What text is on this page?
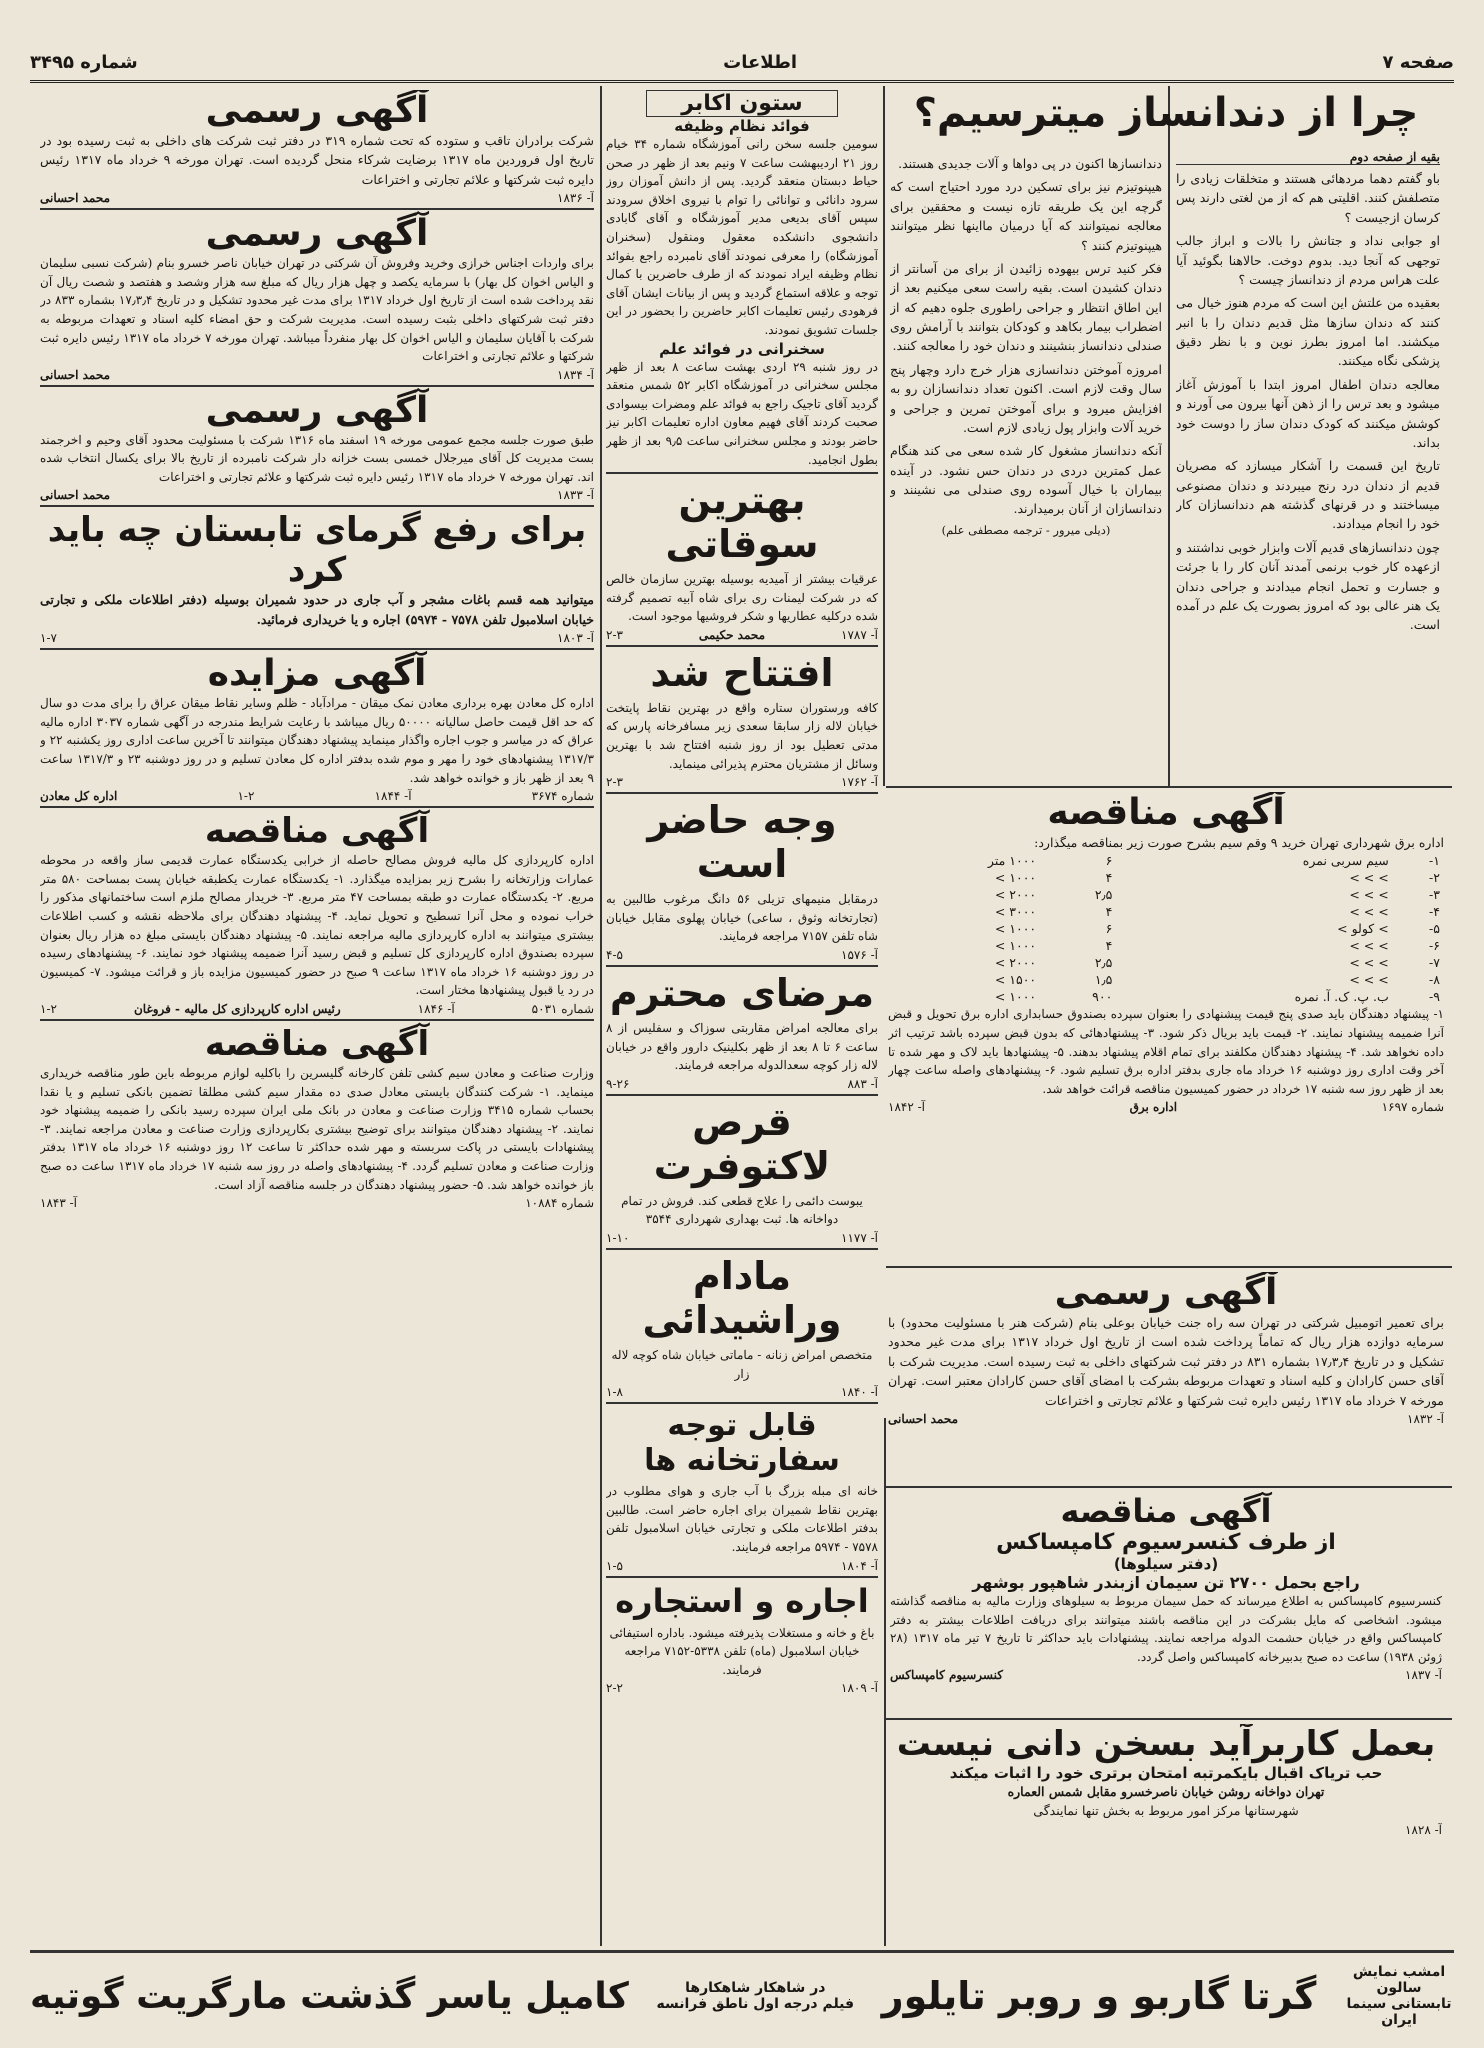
صفحه ۷
اطلاعات
شماره ۳۴۹۵
بقیه از صفحه دوم

باو گفتم دهما مردهائی هستند و متخلقات زیادی را متصلفش کنند. اقلیتی هم که از من لغتی دارند پس کرسان ازجیست ؟

او جوابی نداد و جتانش را بالات و ابراز جالب توجهی که آنجا دید. بدوم دوخت. حالاهنا بگوئید آیا علت هراس مردم از دندانساز چیست ؟

بعقیده من علتش این است که مردم هنوز خیال می کنند که دندان سازها مثل قدیم دندان را با انبر میکشند. اما امروز بطرز نوین و با نظر دقیق پزشکی نگاه میکنند.

معالجه دندان اطفال امروز ابتدا با آموزش آغاز میشود و بعد ترس را از ذهن آنها بیرون می آورند و کوشش میکنند که کودک دندان ساز را دوست خود بداند.

تاریخ این قسمت را آشکار میسازد که مصریان قدیم از دندان درد رنج میبردند و دندان مصنوعی میساختند و در قرنهای گذشته هم دندانسازان کار خود را انجام میدادند.

چون دندانسازهای قدیم آلات وابزار خوبی نداشتند و ازعهده کار خوب برنمی آمدند آنان کار را با جرئت و جسارت و تحمل انجام میدادند و جراحی دندان یک هنر عالی بود که امروز بصورت یک علم در آمده است.

چرا از دندانساز میترسیم؟

دندانسازها اکنون در پی دواها و آلات جدیدی هستند.

هیپنوتیزم نیز برای تسکین درد مورد احتیاج است که گرچه این یک طریقه تازه نیست و محققین برای معالجه نمیتوانند که آیا درمیان مااینها نظر میتوانند هیپنوتیزم کنند ؟

فکر کنید ترس بیهوده زائیدن از برای من آسانتر از دندان کشیدن است. بقیه راست سعی میکنیم بعد از این اطاق انتظار و جراحی راطوری جلوه دهیم که از اضطراب بیمار بکاهد و کودکان بتوانند با آرامش روی صندلی دندانساز بنشینند و دندان خود را معالجه کنند.

امروزه آموختن دندانسازی هزار خرج دارد وچهار پنج سال وقت لازم است. اکنون تعداد دندانسازان رو به افزایش میرود و برای آموختن تمرین و جراحی و خرید آلات وابزار پول زیادی لازم است.

آنکه دندانساز مشغول کار شده سعی می کند هنگام عمل کمترین دردی در دندان حس نشود. در آینده بیماران با خیال آسوده روی صندلی می نشینند و دندانسازان از آنان برمیدارند.

(دیلی میرور - ترجمه مصطفی علم)
آگهی مناقصه
اداره برق شهرداری تهران خرید ۹ وقم سیم بشرح صورت زیر بمناقصه میگذارد:
۱-	سیم سربی نمره	۶	۱۰۰۰ متر
۲-	> > >	۴	۱۰۰۰ >
۳-	> > >	۲٫۵	۲۰۰۰ >
۴-	> > >	۴	۳۰۰۰ >
۵-	> کولو >	۶	۱۰۰۰ >
۶-	> > >	۴	۱۰۰۰ >
۷-	> > >	۲٫۵	۲۰۰۰ >
۸-	> > >	۱٫۵	۱۵۰۰ >
۹-	ب. پ. ک. آ. نمره	۹۰۰	۱۰۰۰ >
۱- پیشنهاد دهندگان باید صدی پنج قیمت پیشنهادی را بعنوان سپرده بصندوق حسابداری اداره برق تحویل و قبض آنرا ضمیمه پیشنهاد نمایند. ۲- قیمت باید بریال ذکر شود. ۳- پیشنهادهائی که بدون قبض سپرده باشد ترتیب اثر داده نخواهد شد. ۴- پیشنهاد دهندگان مکلفند برای تمام اقلام پیشنهاد بدهند. ۵- پیشنهادها باید لاک و مهر شده تا آخر وقت اداری روز دوشنبه ۱۶ خرداد ماه جاری بدفتر اداره برق تسلیم شود. ۶- پیشنهادهای واصله ساعت چهار بعد از ظهر روز سه شنبه ۱۷ خرداد در حضور کمیسیون مناقصه قرائت خواهد شد.
شماره ۱۶۹۷
اداره برق
آ- ۱۸۴۲
آگهی رسمی
برای تعمیر اتومبیل شرکتی در تهران سه راه جنت خیابان بوعلی بنام (شرکت هنر با مسئولیت محدود) با سرمایه دوازده هزار ریال که تماماً پرداخت شده است از تاریخ اول خرداد ۱۳۱۷ برای مدت غیر محدود تشکیل و در تاریخ ۱۷٫۳٫۴ بشماره ۸۳۱ در دفتر ثبت شرکتهای داخلی به ثبت رسیده است. مدیریت شرکت با آقای حسن کارادان و کلیه اسناد و تعهدات مربوطه بشرکت با امضای آقای حسن کارادان معتبر است. تهران مورخه ۷ خرداد ماه ۱۳۱۷ رئیس دایره ثبت شرکتها و علائم تجارتی و اختراعات
آ- ۱۸۳۲
محمد احسانی
آگهی مناقصه
از طرف کنسرسیوم کامپساکس
(دفتر سیلوها)
راجع بحمل ۲۷۰۰ تن سیمان ازبندر شاهپور بوشهر
کنسرسیوم کامپساکس به اطلاع میرساند که حمل سیمان مربوط به سیلوهای وزارت مالیه به مناقصه گذاشته میشود. اشخاصی که مایل بشرکت در این مناقصه باشند میتوانند برای دریافت اطلاعات بیشتر به دفتر کامپساکس واقع در خیابان حشمت الدوله مراجعه نمایند. پیشنهادات باید حداکثر تا تاریخ ۷ تیر ماه ۱۳۱۷ (۲۸ ژوئن ۱۹۳۸) ساعت ده صبح بدبیرخانه کامپساکس واصل گردد.
آ- ۱۸۳۷
کنسرسیوم کامپساکس
بعمل کاربرآید بسخن دانی نیست
حب تریاک اقبال بایکمرتبه امتحان برتری خود را اثبات میکند
تهران دواخانه روشن خیابان ناصرخسرو مقابل شمس العماره
شهرستانها مرکز امور مربوط به بخش تنها نمایندگی
آ- ۱۸۲۸
ستون اکابر
فوائد نظام وظیفه
سومین جلسه سخن رانی آموزشگاه شماره ۳۴ خیام روز ۲۱ اردیبهشت ساعت ۷ ونیم بعد از ظهر در صحن حیاط دبستان منعقد گردید. پس از دانش آموزان روز سرود دانائی و توانائی را توام با نیروی اخلاق سرودند سپس آقای بدیعی مدیر آموزشگاه و آقای گابادی دانشجوی دانشکده معقول ومنقول (سخنران آموزشگاه) را معرفی نمودند آقای نامبرده راجع بفوائد نظام وظیفه ایراد نمودند که از طرف حاضرین با کمال توجه و علاقه استماع گردید و پس از بیانات ایشان آقای فرهودی رئیس تعلیمات اکابر حاضرین را بحضور در این جلسات تشویق نمودند.
سخنرانی در فوائد علم
در روز شنبه ۲۹ اردی بهشت ساعت ۸ بعد از ظهر مجلس سخنرانی در آموزشگاه اکابر ۵۲ شمس منعقد گردید آقای تاجیک راجع به فوائد علم ومضرات بیسوادی صحبت کردند آقای فهیم معاون اداره تعلیمات اکابر نیز حاضر بودند و مجلس سخنرانی ساعت ۹٫۵ بعد از ظهر بطول انجامید.
بهترین سوقاتی
عرقیات بیشتر از آمیدیه بوسیله بهترین سازمان خالص که در شرکت لیمنات ری برای شاه آبیه تصمیم گرفته شده درکلیه عطاریها و شکر فروشیها موجود است.
آ- ۱۷۸۷
محمد حکیمی
۲-۳
افتتاح شد
کافه ورستوران ستاره واقع در بهترین نقاط پایتخت خیابان لاله زار سابقا سعدی زیر مسافرخانه پارس که مدتی تعطیل بود از روز شنبه افتتاح شد با بهترین وسائل از مشتریان محترم پذیرائی مینماید.
آ- ۱۷۶۲
۲-۳
وجه حاضر است
درمقابل منیمهای تزیلی ۵۶ دانگ مرغوب طالبین به (تجارتخانه وثوق ، ساعی) خیابان پهلوی مقابل خیابان شاه تلفن ۷۱۵۷ مراجعه فرمایند.
آ- ۱۵۷۶
۴-۵
مرضای محترم
برای معالجه امراض مقاربتی سوزاک و سفلیس از ۸ ساعت ۶ تا ۸ بعد از ظهر بکلینیک دارور واقع در خیابان لاله زار کوچه سعدالدوله مراجعه فرمایند.
آ- ۸۸۳
۹-۲۶
قرص لاکتوفرت
یبوست دائمی را علاج قطعی کند. فروش در تمام دواخانه ها. ثبت بهداری شهرداری ۳۵۴۴
آ- ۱۱۷۷
۱-۱۰
مادام وراشیدائی
متخصص امراض زنانه - ماماتی خیابان شاه کوچه لاله زار
آ- ۱۸۴۰
۱-۸
قابل توجه سفارتخانه ها
خانه ای مبله بزرگ با آب جاری و هوای مطلوب در بهترین نقاط شمیران برای اجاره حاضر است. طالبین بدفتر اطلاعات ملکی و تجارتی خیابان اسلامبول تلفن ۷۵۷۸ - ۵۹۷۴ مراجعه فرمایند.
آ- ۱۸۰۴
۱-۵
اجاره و استجاره
باغ و خانه و مستغلات پذیرفته میشود. باداره استیفائی خیابان اسلامبول (ماه) تلفن ۵۳۳۸-۷۱۵۲ مراجعه فرمایند.
آ- ۱۸۰۹
۲-۲
آگهی رسمی
شرکت برادران تاقب و ستوده که تحت شماره ۳۱۹ در دفتر ثبت شرکت های داخلی به ثبت رسیده بود در تاریخ اول فروردین ماه ۱۳۱۷ برضایت شرکاء منحل گردیده است. تهران مورخه ۹ خرداد ماه ۱۳۱۷ رئیس دایره ثبت شرکتها و علائم تجارتی و اختراعات
آ- ۱۸۳۶
محمد احسانی
آگهی رسمی
برای واردات اجناس خرازی وخرید وفروش آن شرکتی در تهران خیابان ناصر خسرو بنام (شرکت نسبی سلیمان و الیاس اخوان کل بهار) با سرمایه یکصد و چهل هزار ریال که مبلغ سه هزار وشصد و هفتصد و شصت ریال آن نقد پرداخت شده است از تاریخ اول خرداد ۱۳۱۷ برای مدت غیر محدود تشکیل و در تاریخ ۱۷٫۳٫۴ بشماره ۸۳۳ در دفتر ثبت شرکتهای داخلی بثبت رسیده است. مدیریت شرکت و حق امضاء کلیه اسناد و تعهدات مربوطه به شرکت با آقایان سلیمان و الیاس اخوان کل بهار منفرداً میباشد. تهران مورخه ۷ خرداد ماه ۱۳۱۷ رئیس دایره ثبت شرکتها و علائم تجارتی و اختراعات
آ- ۱۸۳۴
محمد احسانی
آگهی رسمی
طبق صورت جلسه مجمع عمومی مورخه ۱۹ اسفند ماه ۱۳۱۶ شرکت با مسئولیت محدود آقای وحیم و اخرجمند بست مدیریت کل آقای میرجلال خمسی بست خزانه دار شرکت نامبرده از تاریخ بالا برای یکسال انتخاب شده اند. تهران مورخه ۷ خرداد ماه ۱۳۱۷ رئیس دایره ثبت شرکتها و علائم تجارتی و اختراعات
آ- ۱۸۳۳
محمد احسانی
برای رفع گرمای تابستان چه باید کرد
میتوانید همه قسم باغات مشجر و آب جاری در حدود شمیران بوسیله (دفتر اطلاعات ملکی و تجارتی خیابان اسلامبول تلفن ۷۵۷۸ - ۵۹۷۴) اجاره و یا خریداری فرمائید.
آ- ۱۸۰۳
۱-۷
آگهی مزایده
اداره کل معادن بهره برداری معادن نمک میقان - مرادآباد - ظلم وسایر نقاط میقان عراق را برای مدت دو سال که حد اقل قیمت حاصل سالیانه ۵۰۰۰۰ ریال میباشد با رعایت شرایط مندرجه در آگهی شماره ۳۰۳۷ اداره مالیه عراق که در میاسر و جوب اجاره واگذار مینماید پیشنهاد دهندگان میتوانند تا آخرین ساعت اداری روز یکشنبه ۲۲ و ۱۳۱۷/۳ پیشنهادهای خود را مهر و موم شده بدفتر اداره کل معادن تسلیم و در روز دوشنبه ۲۳ و ۱۳۱۷/۳ ساعت ۹ بعد از ظهر باز و خوانده خواهد شد.
شماره ۳۶۷۴
آ- ۱۸۴۴
۱-۲
اداره کل معادن
آگهی مناقصه
اداره کارپردازی کل مالیه فروش مصالح حاصله از خرابی یکدستگاه عمارت قدیمی ساز واقعه در محوطه عمارات وزارتخانه را بشرح زیر بمزایده میگذارد. ۱- یکدستگاه عمارت یکطبقه خیابان پست بمساحت ۵۸۰ متر مربع. ۲- یکدستگاه عمارت دو طبقه بمساحت ۴۷ متر مربع. ۳- خریدار مصالح ملزم است ساختمانهای مذکور را خراب نموده و محل آنرا تسطیح و تحویل نماید. ۴- پیشنهاد دهندگان برای ملاحظه نقشه و کسب اطلاعات بیشتری میتوانند به اداره کارپردازی مالیه مراجعه نمایند. ۵- پیشنهاد دهندگان بایستی مبلغ ده هزار ریال بعنوان سپرده بصندوق اداره کارپردازی کل تسلیم و قبض رسید آنرا ضمیمه پیشنهاد خود نمایند. ۶- پیشنهادهای رسیده در روز دوشنبه ۱۶ خرداد ماه ۱۳۱۷ ساعت ۹ صبح در حضور کمیسیون مزایده باز و قرائت میشود. ۷- کمیسیون در رد یا قبول پیشنهادها مختار است.
شماره ۵۰۳۱
آ- ۱۸۴۶
رئیس اداره کارپردازی کل مالیه - فروغان
۱-۲
آگهی مناقصه
وزارت صناعت و معادن سیم کشی تلفن کارخانه گلیسرین را باکلیه لوازم مربوطه باین طور مناقصه خریداری مینماید. ۱- شرکت کنندگان بایستی معادل صدی ده مقدار سیم کشی مطلقا تضمین بانکی تسلیم و یا نقدا بحساب شماره ۳۴۱۵ وزارت صناعت و معادن در بانک ملی ایران سپرده رسید بانکی را ضمیمه پیشنهاد خود نمایند. ۲- پیشنهاد دهندگان میتوانند برای توضیح بیشتری بکارپردازی وزارت صناعت و معادن مراجعه نمایند. ۳- پیشنهادات بایستی در پاکت سربسته و مهر شده حداکثر تا ساعت ۱۲ روز دوشنبه ۱۶ خرداد ماه ۱۳۱۷ بدفتر وزارت صناعت و معادن تسلیم گردد. ۴- پیشنهادهای واصله در روز سه شنبه ۱۷ خرداد ماه ۱۳۱۷ ساعت ده صبح باز خوانده خواهد شد. ۵- حضور پیشنهاد دهندگان در جلسه مناقصه آزاد است.
شماره ۱۰۸۸۴
آ- ۱۸۴۳
امشب نمایش سالون تابستانی سینما ایران
گرتا گاربو و روبر تایلور
در شاهکار شاهکارها
فیلم درجه اول ناطق فرانسه
کامیل یاسر گذشت مارگریت گوتیه
